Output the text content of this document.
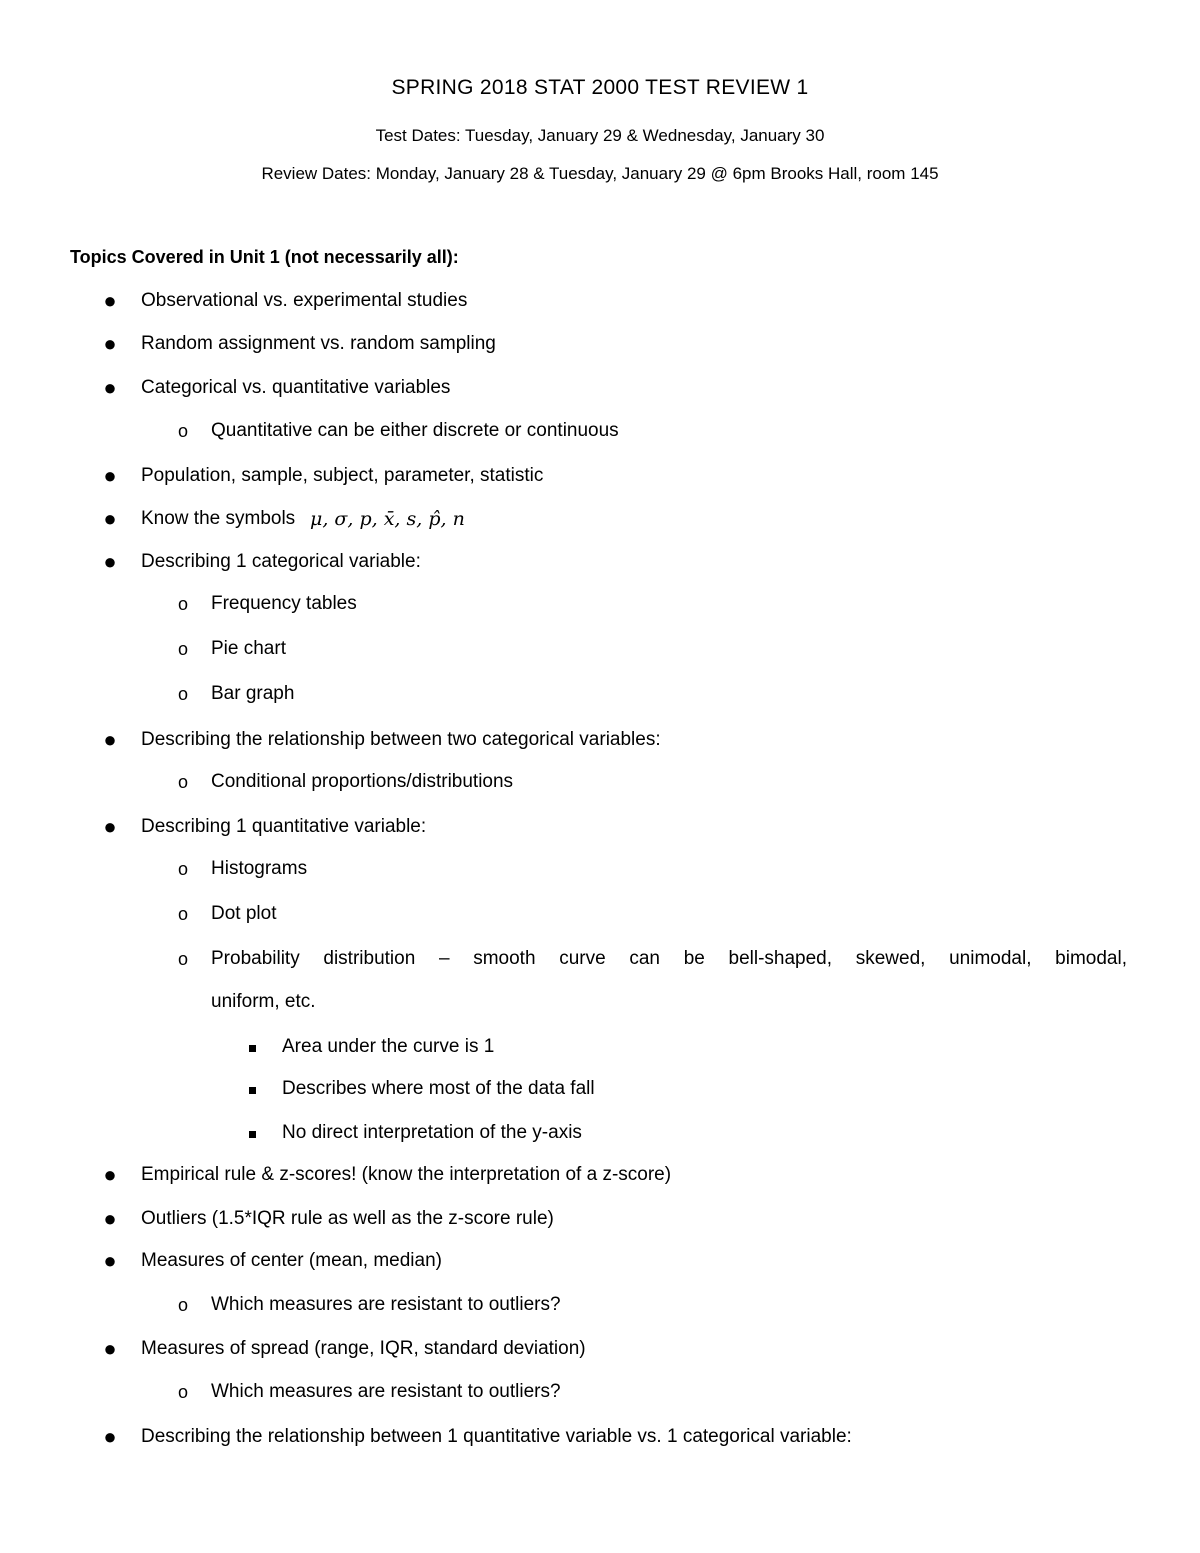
SPRING 2018 STAT 2000 TEST REVIEW 1
Test Dates: Tuesday, January 29 & Wednesday, January 30
Review Dates: Monday, January 28 & Tuesday, January 29 @ 6pm Brooks Hall, room 145
Topics Covered in Unit 1 (not necessarily all):
● Observational vs. experimental studies
● Random assignment vs. random sampling
● Categorical vs. quantitative variables
o Quantitative can be either discrete or continuous
● Population, sample, subject, parameter, statistic
● Know the symbols μ, σ, p, x̄, s, p̂, n
● Describing 1 categorical variable:
o Frequency tables
o Pie chart
o Bar graph
● Describing the relationship between two categorical variables:
o Conditional proportions/distributions
● Describing 1 quantitative variable:
o Histograms
o Dot plot
o Probability distribution – smooth curve can be bell-shaped, skewed, unimodal, bimodal,
uniform, etc.
Area under the curve is 1
Describes where most of the data fall
No direct interpretation of the y-axis
● Empirical rule & z-scores! (know the interpretation of a z-score)
● Outliers (1.5*IQR rule as well as the z-score rule)
● Measures of center (mean, median)
o Which measures are resistant to outliers?
● Measures of spread (range, IQR, standard deviation)
o Which measures are resistant to outliers?
● Describing the relationship between 1 quantitative variable vs. 1 categorical variable:
